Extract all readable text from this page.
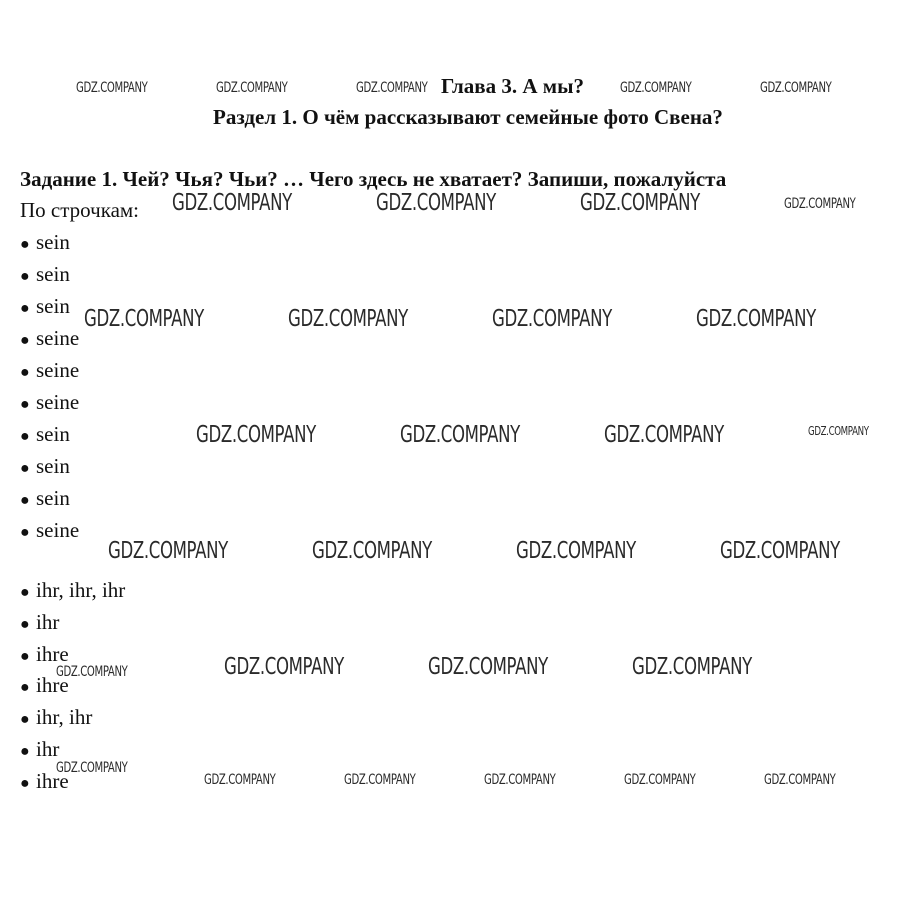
Глава 3. А мы?
Раздел 1. О чём рассказывают семейные фото Свена?
Задание 1. Чей? Чья? Чьи? … Чего здесь не хватает? Запиши, пожалуйста
По строчкам:
● sein
● sein
● sein
● seine
● seine
● seine
● sein
● sein
● sein
● seine
● ihr, ihr, ihr
● ihr
● ihre
● ihre
● ihr, ihr
● ihr
● ihre
GDZ.COMPANY	GDZ.COMPANY	GDZ.COMPANY	GDZ.COMPANY	GDZ.COMPANY
GDZ.COMPANY	GDZ.COMPANY	GDZ.COMPANY	GDZ.COMPANY
GDZ.COMPANY	GDZ.COMPANY	GDZ.COMPANY	GDZ.COMPANY
GDZ.COMPANY	GDZ.COMPANY	GDZ.COMPANY	GDZ.COMPANY
GDZ.COMPANY	GDZ.COMPANY	GDZ.COMPANY	GDZ.COMPANY
GDZ.COMPANY	GDZ.COMPANY	GDZ.COMPANY	GDZ.COMPANY
GDZ.COMPANY
GDZ.COMPANY	GDZ.COMPANY	GDZ.COMPANY	GDZ.COMPANY	GDZ.COMPANY
